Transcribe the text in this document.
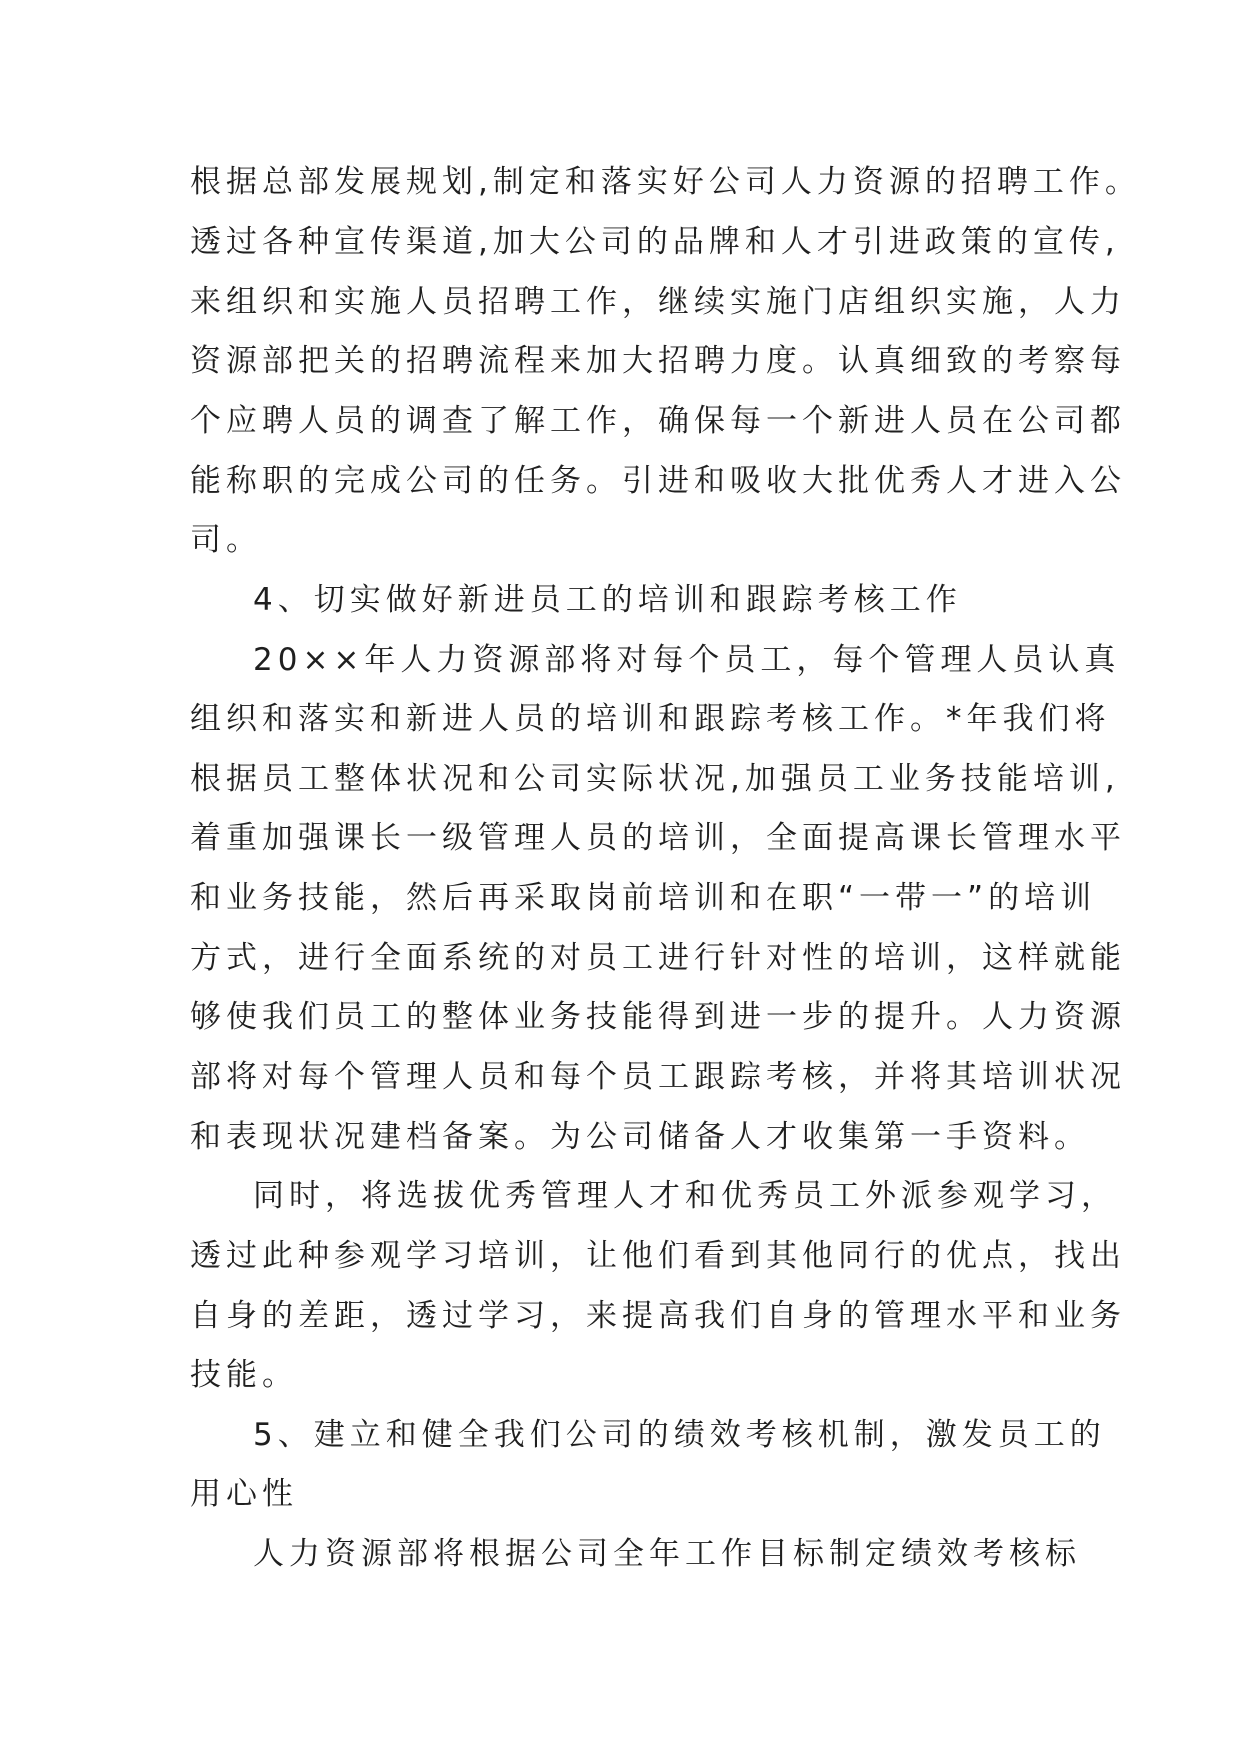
根据总部发展规划,制定和落实好公司人力资源的招聘工作。
透过各种宣传渠道,加大公司的品牌和人才引进政策的宣传,
来组织和实施人员招聘工作，继续实施门店组织实施，人力
资源部把关的招聘流程来加大招聘力度。认真细致的考察每
个应聘人员的调查了解工作，确保每一个新进人员在公司都
能称职的完成公司的任务。引进和吸收大批优秀人才进入公
司。
4、切实做好新进员工的培训和跟踪考核工作
20××年人力资源部将对每个员工，每个管理人员认真
组织和落实和新进人员的培训和跟踪考核工作。*年我们将
根据员工整体状况和公司实际状况,加强员工业务技能培训,
着重加强课长一级管理人员的培训，全面提高课长管理水平
和业务技能，然后再采取岗前培训和在职“一带一”的培训
方式，进行全面系统的对员工进行针对性的培训，这样就能
够使我们员工的整体业务技能得到进一步的提升。人力资源
部将对每个管理人员和每个员工跟踪考核，并将其培训状况
和表现状况建档备案。为公司储备人才收集第一手资料。
同时，将选拔优秀管理人才和优秀员工外派参观学习，
透过此种参观学习培训，让他们看到其他同行的优点，找出
自身的差距，透过学习，来提高我们自身的管理水平和业务
技能。
5、建立和健全我们公司的绩效考核机制，激发员工的
用心性
人力资源部将根据公司全年工作目标制定绩效考核标
